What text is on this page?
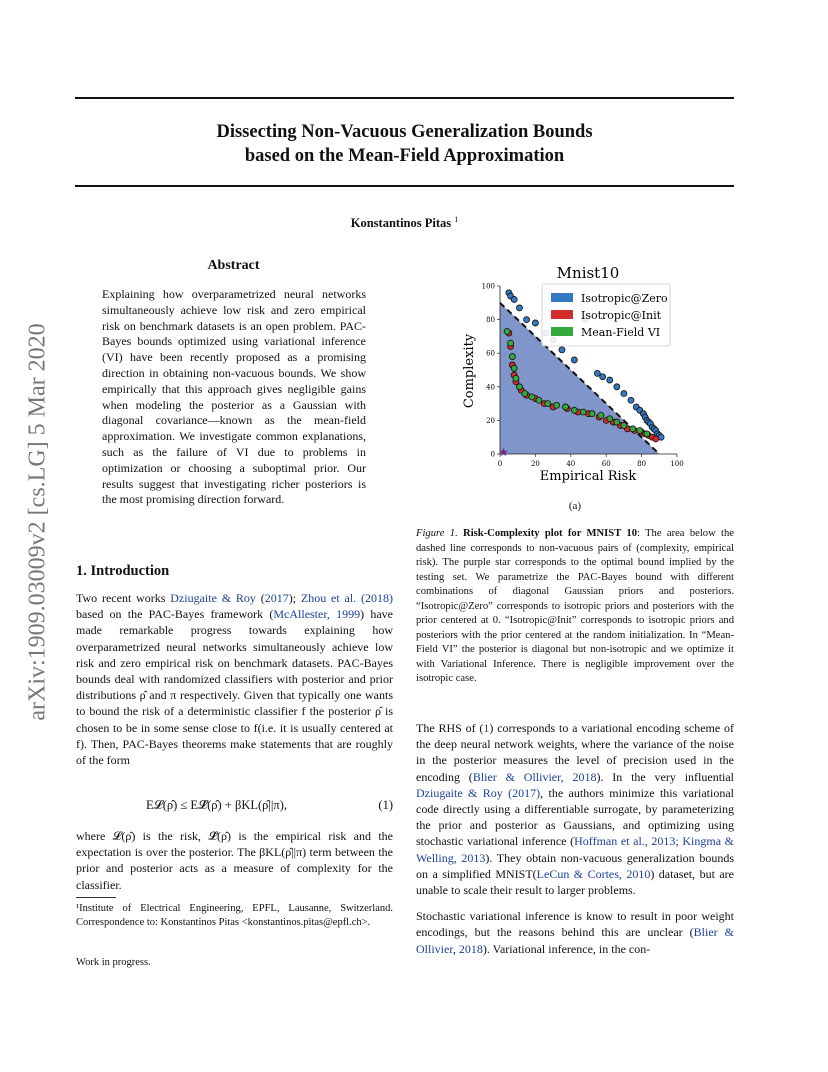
Dissecting Non-Vacuous Generalization Bounds
based on the Mean-Field Approximation
Konstantinos Pitas $^1$
arXiv:1909.03009v2 [cs.LG] 5 Mar 2020
Abstract
Explaining how overparametrized neural networks simultaneously achieve low risk and zero empirical risk on benchmark datasets is an open problem. PAC-Bayes bounds optimized using variational inference (VI) have been recently proposed as a promising direction in obtaining non-vacuous bounds. We show empirically that this approach gives negligible gains when modeling the posterior as a Gaussian with diagonal covariance—known as the mean-field approximation. We investigate common explanations, such as the failure of VI due to problems in optimization or choosing a suboptimal prior. Our results suggest that investigating richer posteriors is the most promising direction forward.
1. Introduction

Two recent works Dziugaite & Roy (2017); Zhou et al. (2018) based on the PAC-Bayes framework (McAllester, 1999) have made remarkable progress towards explaining how overparametrized neural networks simultaneously achieve low risk and zero empirical risk on benchmark datasets. PAC-Bayes bounds deal with randomized classifiers with posterior and prior distributions ρ̂ and π respectively. Given that typically one wants to bound the risk of a deterministic classifier f the posterior ρ̂ is chosen to be in some sense close to f(i.e. it is usually centered at f). Then, PAC-Bayes theorems make statements that are roughly of the form

E𝓛(ρ̂) ≤ E𝓛̂(ρ̂) + βKL(ρ̂||π),	(1)
where 𝓛(ρ̂) is the risk, 𝓛̂(ρ̂) is the empirical risk and the expectation is over the posterior. The βKL(ρ̂||π) term between the prior and posterior acts as a measure of complexity for the classifier.
¹Institute of Electrical Engineering, EPFL, Lausanne, Switzerland. Correspondence to: Konstantinos Pitas <konstantinos.pitas@epfl.ch>.
Work in progress.
Mnist10
0	20	40	60	80	100
0
20
40
60
80
100
Empirical Risk
Complexity
Isotropic@Zero
Isotropic@Init
Mean-Field VI
(a)
Figure 1. Risk-Complexity plot for MNIST 10: The area below the dashed line corresponds to non-vacuous pairs of (complexity, empirical risk). The purple star corresponds to the optimal bound implied by the testing set. We parametrize the PAC-Bayes bound with different combinations of diagonal Gaussian priors and posteriors. “Isotropic@Zero” corresponds to isotropic priors and posteriors with the prior centered at 0. “Isotropic@Init” corresponds to isotropic priors and posteriors with the prior centered at the random initialization. In “Mean-Field VI” the posterior is diagonal but non-isotropic and we optimize it with Variational Inference. There is negligible improvement over the isotropic case.

The RHS of (1) corresponds to a variational encoding scheme of the deep neural network weights, where the variance of the noise in the posterior measures the level of precision used in the encoding (Blier & Ollivier, 2018). In the very influential Dziugaite & Roy (2017), the authors minimize this variational code directly using a differentiable surrogate, by parameterizing the prior and posterior as Gaussians, and optimizing using stochastic variational inference (Hoffman et al., 2013; Kingma & Welling, 2013). They obtain non-vacuous generalization bounds on a simplified MNIST(LeCun & Cortes, 2010) dataset, but are unable to scale their result to larger problems.

Stochastic variational inference is know to result in poor weight encodings, but the reasons behind this are unclear (Blier & Ollivier, 2018). Variational inference, in the con-
